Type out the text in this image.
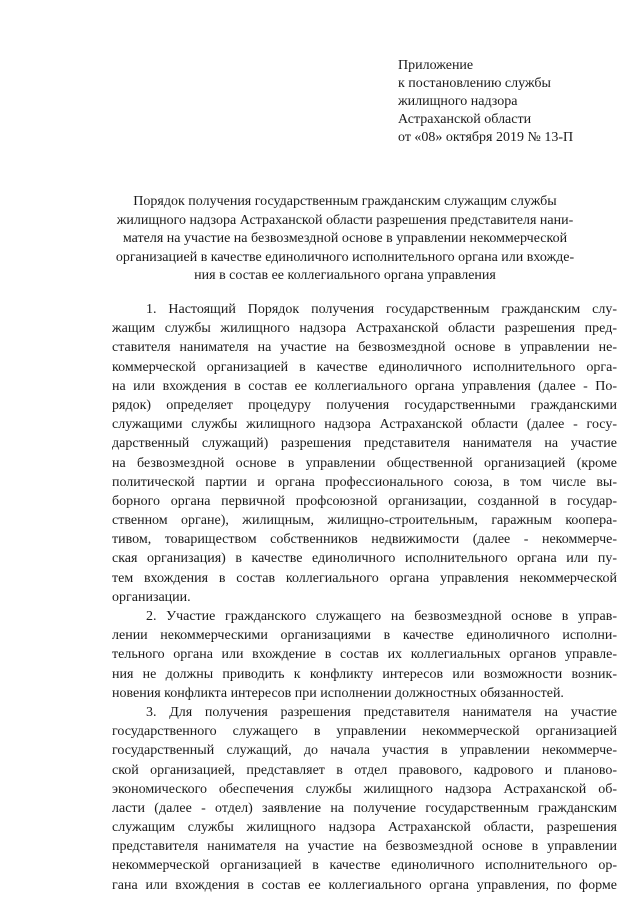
Приложение
к постановлению службы
жилищного надзора
Астраханской области
от «08» октября 2019 № 13-П
Порядок получения государственным гражданским служащим службы
жилищного надзора Астраханской области разрешения представителя нани-
мателя на участие на безвозмездной основе в управлении некоммерческой
организацией в качестве единоличного исполнительного органа или вхожде-
ния в состав ее коллегиального органа управления
1. Настоящий Порядок получения государственным гражданским слу-
жащим службы жилищного надзора Астраханской области разрешения пред-
ставителя нанимателя на участие на безвозмездной основе в управлении не-
коммерческой организацией в качестве единоличного исполнительного орга-
на или вхождения в состав ее коллегиального органа управления (далее - По-
рядок) определяет процедуру получения государственными гражданскими
служащими службы жилищного надзора Астраханской области (далее - госу-
дарственный служащий) разрешения представителя нанимателя на участие
на безвозмездной основе в управлении общественной организацией (кроме
политической партии и органа профессионального союза, в том числе вы-
борного органа первичной профсоюзной организации, созданной в государ-
ственном органе), жилищным, жилищно-строительным, гаражным коопера-
тивом, товариществом собственников недвижимости (далее - некоммерче-
ская организация) в качестве единоличного исполнительного органа или пу-
тем вхождения в состав коллегиального органа управления некоммерческой
организации.
2. Участие гражданского служащего на безвозмездной основе в управ-
лении некоммерческими организациями в качестве единоличного исполни-
тельного органа или вхождение в состав их коллегиальных органов управле-
ния не должны приводить к конфликту интересов или возможности возник-
новения конфликта интересов при исполнении должностных обязанностей.
3. Для получения разрешения представителя нанимателя на участие
государственного служащего в управлении некоммерческой организацией
государственный служащий, до начала участия в управлении некоммерче-
ской организацией, представляет в отдел правового, кадрового и планово-
экономического обеспечения службы жилищного надзора Астраханской об-
ласти (далее - отдел) заявление на получение государственным гражданским
служащим службы жилищного надзора Астраханской области, разрешения
представителя нанимателя на участие на безвозмездной основе в управлении
некоммерческой организацией в качестве единоличного исполнительного ор-
гана или вхождения в состав ее коллегиального органа управления, по форме
